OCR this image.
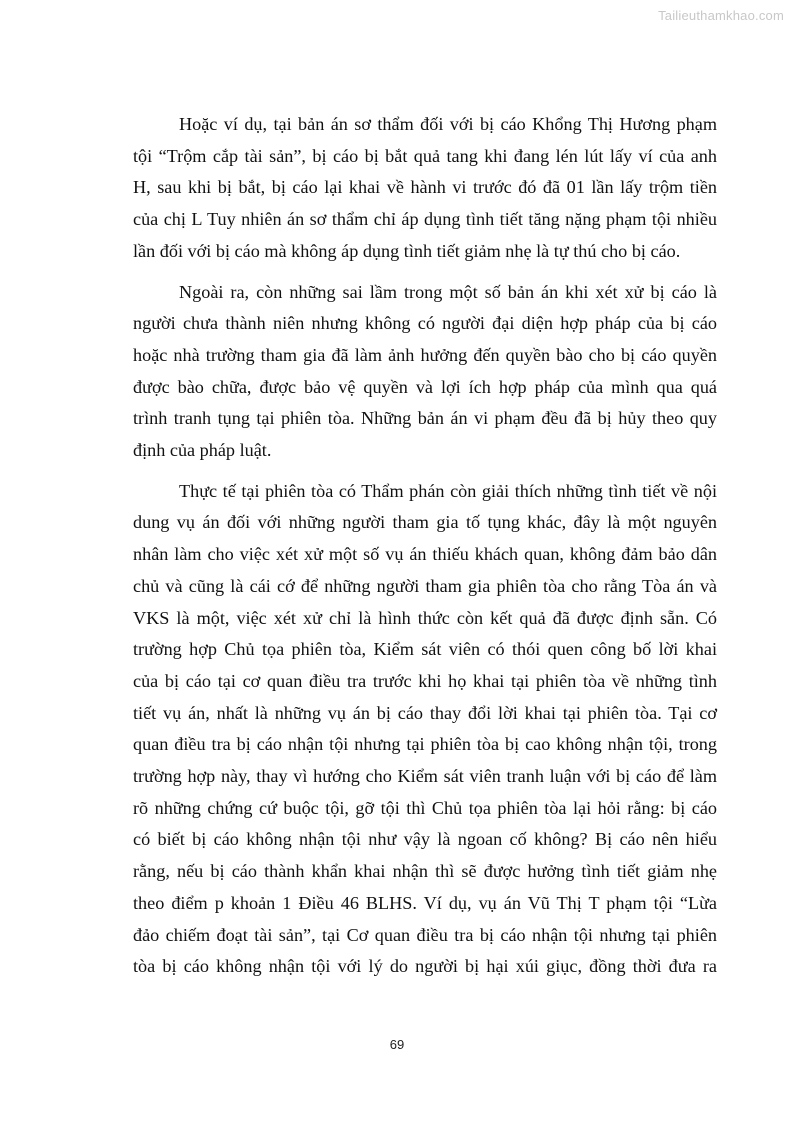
Tailieuthamkhao.com
Hoặc ví dụ, tại bản án sơ thẩm đối với bị cáo Khổng Thị Hương phạm
tội “Trộm cắp tài sản”, bị cáo bị bắt quả tang khi đang lén lút lấy ví của anh
H, sau khi bị bắt, bị cáo lại khai về hành vi trước đó đã 01 lần lấy trộm tiền
của chị L Tuy nhiên án sơ thẩm chỉ áp dụng tình tiết tăng nặng phạm tội nhiều
lần đối với bị cáo mà không áp dụng tình tiết giảm nhẹ là tự thú cho bị cáo.
Ngoài ra, còn những sai lầm trong một số bản án khi xét xử bị cáo là
người chưa thành niên nhưng không có người đại diện hợp pháp của bị cáo
hoặc nhà trường tham gia đã làm ảnh hưởng đến quyền bào cho bị cáo quyền
được bào chữa, được bảo vệ quyền và lợi ích hợp pháp của mình qua quá
trình tranh tụng tại phiên tòa. Những bản án vi phạm đều đã bị hủy theo quy
định của pháp luật.
Thực tế tại phiên tòa có Thẩm phán còn giải thích những tình tiết về nội
dung vụ án đối với những người tham gia tố tụng khác, đây là một nguyên
nhân làm cho việc xét xử một số vụ án thiếu khách quan, không đảm bảo dân
chủ và cũng là cái cớ để những người tham gia phiên tòa cho rằng Tòa án và
VKS là một, việc xét xử chỉ là hình thức còn kết quả đã được định sẵn. Có
trường hợp Chủ tọa phiên tòa, Kiểm sát viên có thói quen công bố lời khai
của bị cáo tại cơ quan điều tra trước khi họ khai tại phiên tòa về những tình
tiết vụ án, nhất là những vụ án bị cáo thay đổi lời khai tại phiên tòa. Tại cơ
quan điều tra bị cáo nhận tội nhưng tại phiên tòa bị cao không nhận tội, trong
trường hợp này, thay vì hướng cho Kiểm sát viên tranh luận với bị cáo để làm
rõ những chứng cứ buộc tội, gỡ tội thì Chủ tọa phiên tòa lại hỏi rằng: bị cáo
có biết bị cáo không nhận tội như vậy là ngoan cố không? Bị cáo nên hiểu
rằng, nếu bị cáo thành khẩn khai nhận thì sẽ được hưởng tình tiết giảm nhẹ
theo điểm p khoản 1 Điều 46 BLHS. Ví dụ, vụ án Vũ Thị T phạm tội “Lừa
đảo chiếm đoạt tài sản”, tại Cơ quan điều tra bị cáo nhận tội nhưng tại phiên
tòa bị cáo không nhận tội với lý do người bị hại xúi giục, đồng thời đưa ra
69
